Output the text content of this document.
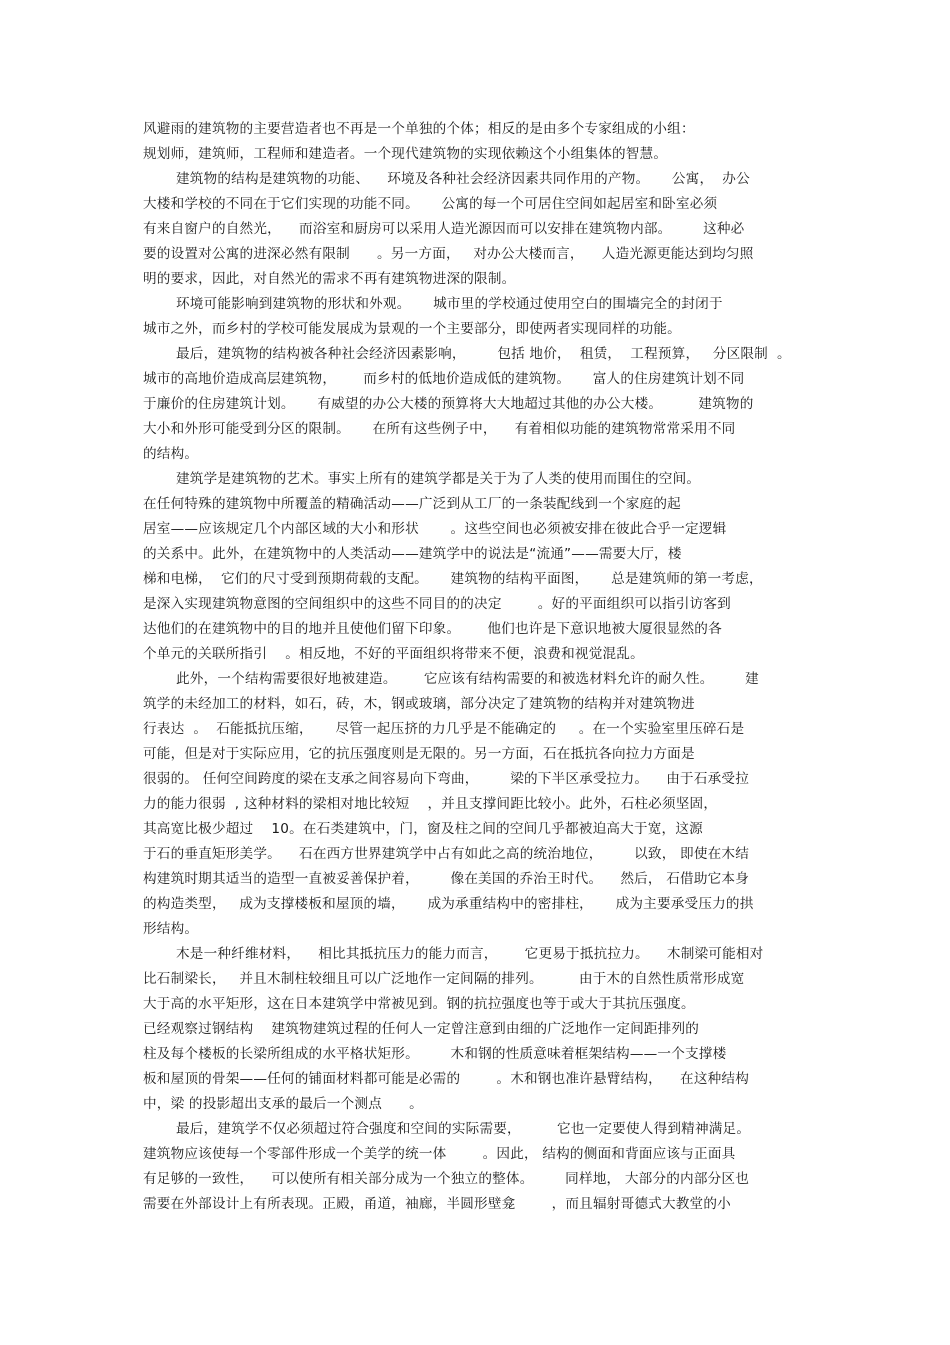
风避雨的建筑物的主要营造者也不再是一个单独的个体；相反的是由多个专家组成的小组：
规划师，建筑师，工程师和建造者。一个现代建筑物的实现依赖这个小组集体的智慧。
建筑物的结构是建筑物的功能、    环境及各种社会经济因素共同作用的产物。     公寓，  办公
大楼和学校的不同在于它们实现的功能不同。     公寓的每一个可居住空间如起居室和卧室必须
有来自窗户的自然光，    而浴室和厨房可以采用人造光源因而可以安排在建筑物内部。       这种必
要的设置对公寓的进深必然有限制      。另一方面，   对办公大楼而言，    人造光源更能达到均匀照
明的要求，因此，对自然光的需求不再有建筑物进深的限制。
环境可能影响到建筑物的形状和外观。     城市里的学校通过使用空白的围墙完全的封闭于
城市之外，而乡村的学校可能发展成为景观的一个主要部分，即使两者实现同样的功能。
最后，建筑物的结构被各种社会经济因素影响，       包括 地价，  租赁，  工程预算，   分区限制  。
城市的高地价造成高层建筑物，      而乡村的低地价造成低的建筑物。     富人的住房建筑计划不同
于廉价的住房建筑计划。     有威望的办公大楼的预算将大大地超过其他的办公大楼。        建筑物的
大小和外形可能受到分区的限制。     在所有这些例子中，    有着相似功能的建筑物常常采用不同
的结构。
建筑学是建筑物的艺术。事实上所有的建筑学都是关于为了人类的使用而围住的空间。
在任何特殊的建筑物中所覆盖的精确活动——广泛到从工厂的一条装配线到一个家庭的起
居室——应该规定几个内部区域的大小和形状       。这些空间也必须被安排在彼此合乎一定逻辑
的关系中。此外，在建筑物中的人类活动——建筑学中的说法是“流通”——需要大厅，楼
梯和电梯，  它们的尺寸受到预期荷载的支配。     建筑物的结构平面图，     总是建筑师的第一考虑，
是深入实现建筑物意图的空间组织中的这些不同目的的决定        。好的平面组织可以指引访客到
达他们的在建筑物中的目的地并且使他们留下印象。      他们也许是下意识地被大厦很显然的各
个单元的关联所指引    。相反地，不好的平面组织将带来不便，浪费和视觉混乱。
此外，一个结构需要很好地被建造。      它应该有结构需要的和被选材料允许的耐久性。       建
筑学的未经加工的材料，如石，砖，木，钢或玻璃，部分决定了建筑物的结构并对建筑物进
行表达  。  石能抵抗压缩，     尽管一起压挤的力几乎是不能确定的     。在一个实验室里压碎石是
可能，但是对于实际应用，它的抗压强度则是无限的。另一方面，石在抵抗各向拉力方面是
很弱的。 任何空间跨度的梁在支承之间容易向下弯曲，       梁的下半区承受拉力。    由于石承受拉
力的能力很弱  , 这种材料的梁相对地比较短    ，并且支撑间距比较小。此外，石柱必须坚固，
其高宽比极少超过    10。在石类建筑中，门，窗及柱之间的空间几乎都被迫高大于宽，这源
于石的垂直矩形美学。    石在西方世界建筑学中占有如此之高的统治地位，       以致， 即使在木结
构建筑时期其适当的造型一直被妥善保护着，       像在美国的乔治王时代。    然后， 石借助它本身
的构造类型，   成为支撑楼板和屋顶的墙，     成为承重结构中的密排柱，     成为主要承受压力的拱
形结构。
木是一种纤维材料，    相比其抵抗压力的能力而言，      它更易于抵抗拉力。    木制梁可能相对
比石制梁长，   并且木制柱较细且可以广泛地作一定间隔的排列。        由于木的自然性质常形成宽
大于高的水平矩形，这在日本建筑学中常被见到。钢的抗拉强度也等于或大于其抗压强度。
已经观察过钢结构    建筑物建筑过程的任何人一定曾注意到由细的广泛地作一定间距排列的
柱及每个楼板的长梁所组成的水平格状矩形。       木和钢的性质意味着框架结构——一个支撑楼
板和屋顶的骨架——任何的铺面材料都可能是必需的        。木和钢也准许悬臂结构，    在这种结构
中，梁 的投影超出支承的最后一个测点      。
最后，建筑学不仅必须超过符合强度和空间的实际需要，        它也一定要使人得到精神满足。
建筑物应该使每一个零部件形成一个美学的统一体        。因此， 结构的侧面和背面应该与正面具
有足够的一致性，    可以使所有相关部分成为一个独立的整体。       同样地， 大部分的内部分区也
需要在外部设计上有所表现。正殿，甬道，袖廊，半圆形壁龛        ，而且辐射哥德式大教堂的小
